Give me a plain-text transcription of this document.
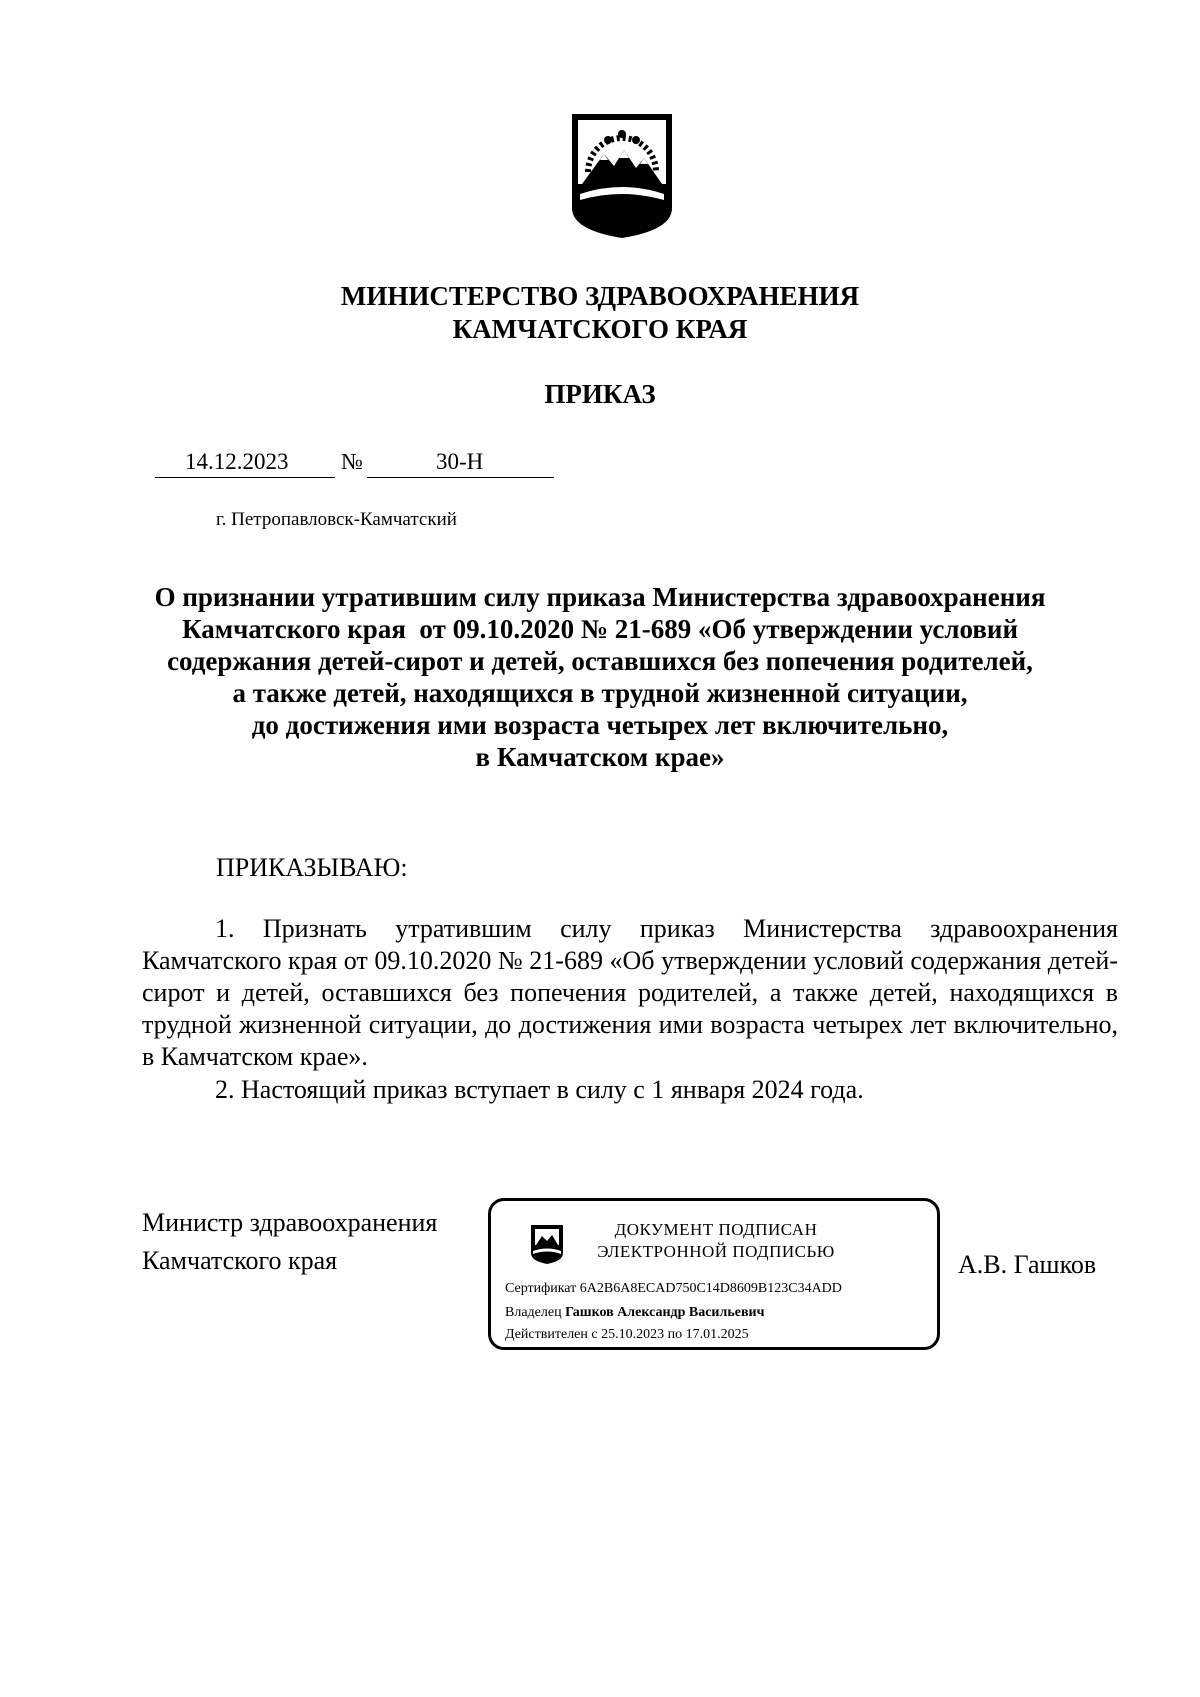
МИНИСТЕРСТВО ЗДРАВООХРАНЕНИЯ
КАМЧАТСКОГО КРАЯ
ПРИКАЗ
14.12.2023 №	30-Н
г. Петропавловск-Камчатский
О признании утратившим силу приказа Министерства здравоохранения
Камчатского края  от 09.10.2020 № 21-689 «Об утверждении условий
содержания детей-сирот и детей, оставшихся без попечения родителей,
а также детей, находящихся в трудной жизненной ситуации,
до достижения ими возраста четырех лет включительно,
в Камчатском крае»
ПРИКАЗЫВАЮ:
1. Признать утратившим силу приказ Министерства здравоохранения Камчатского края от 09.10.2020 № 21-689 «Об утверждении условий содержания детей-сирот и детей, оставшихся без попечения родителей, а также детей, находящихся в трудной жизненной ситуации, до достижения ими возраста четырех лет включительно, в Камчатском крае».
2. Настоящий приказ вступает в силу с 1 января 2024 года.
Министр здравоохранения
Камчатского края
ДОКУМЕНТ ПОДПИСАН
ЭЛЕКТРОННОЙ ПОДПИСЬЮ
Сертификат 6A2B6A8ECAD750C14D8609B123C34ADD
Владелец Гашков Александр Васильевич
Действителен с 25.10.2023 по 17.01.2025
А.В. Гашков
